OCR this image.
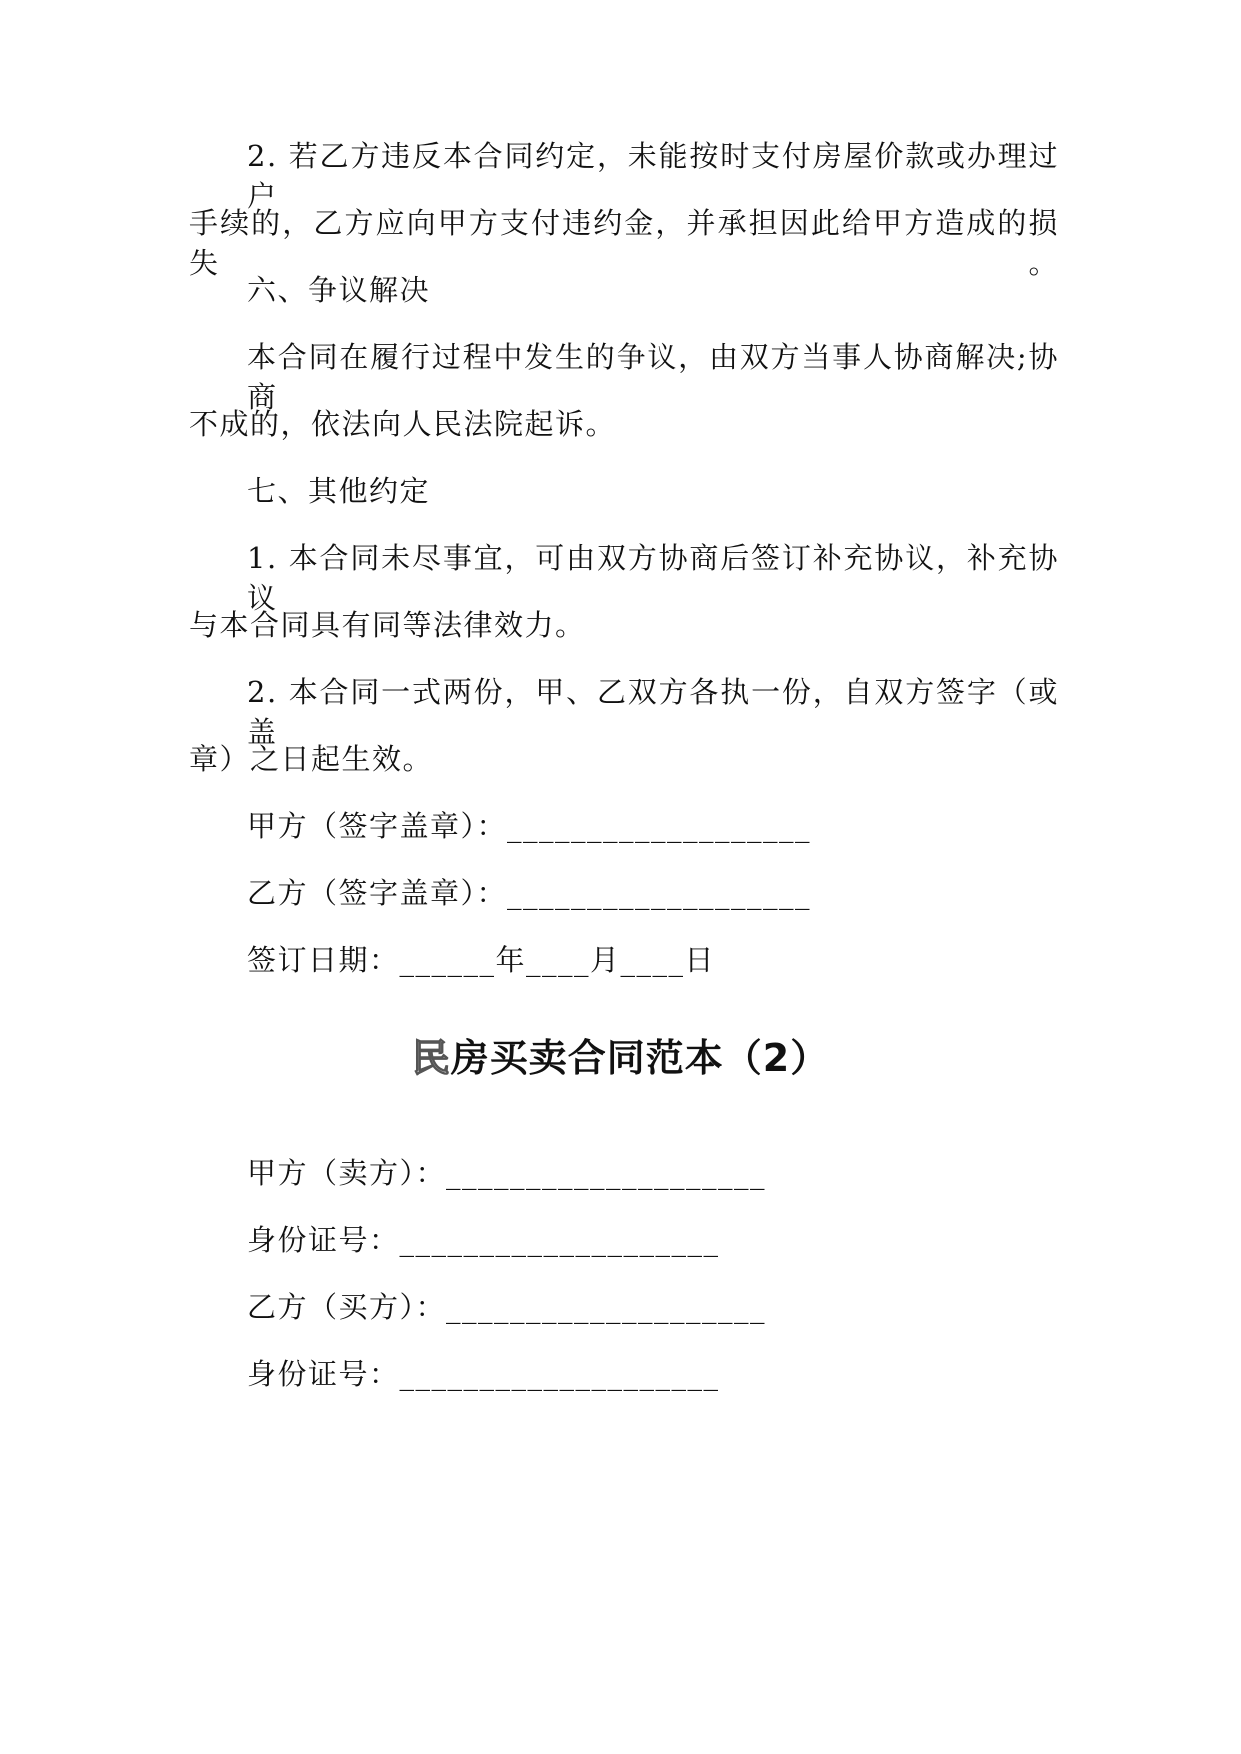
2. 若乙方违反本合同约定，未能按时支付房屋价款或办理过户
手续的，乙方应向甲方支付违约金，并承担因此给甲方造成的损失。
六、争议解决
本合同在履行过程中发生的争议，由双方当事人协商解决;协商
不成的，依法向人民法院起诉。
七、其他约定
1. 本合同未尽事宜，可由双方协商后签订补充协议，补充协议
与本合同具有同等法律效力。
2. 本合同一式两份，甲、乙双方各执一份，自双方签字（或盖
章）之日起生效。
甲方（签字盖章）：___________________
乙方（签字盖章）：___________________
签订日期：______年____月____日
民房买卖合同范本（2）
甲方（卖方）：____________________
身份证号：____________________
乙方（买方）：____________________
身份证号：____________________
